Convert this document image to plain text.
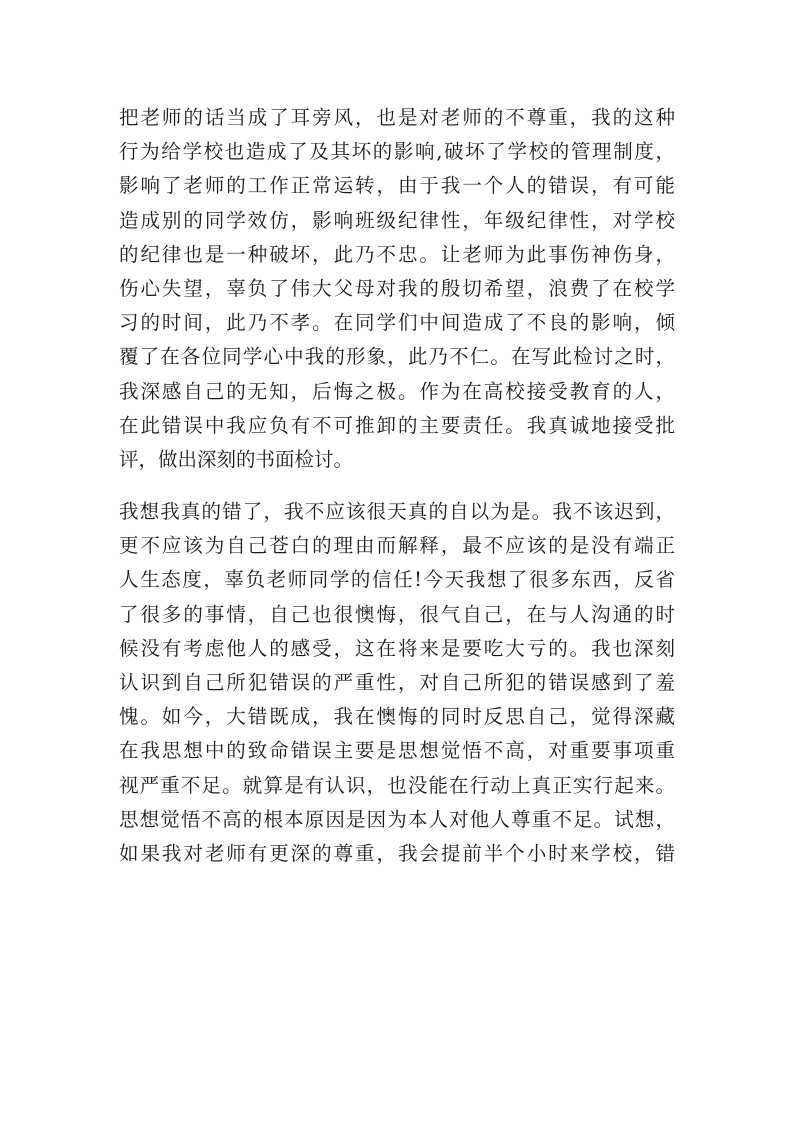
把老师的话当成了耳旁风，也是对老师的不尊重，我的这种
行为给学校也造成了及其坏的影响,破坏了学校的管理制度，
影响了老师的工作正常运转，由于我一个人的错误，有可能
造成别的同学效仿，影响班级纪律性，年级纪律性，对学校
的纪律也是一种破坏，此乃不忠。让老师为此事伤神伤身，
伤心失望，辜负了伟大父母对我的殷切希望，浪费了在校学
习的时间，此乃不孝。在同学们中间造成了不良的影响，倾
覆了在各位同学心中我的形象，此乃不仁。在写此检讨之时，
我深感自己的无知，后悔之极。作为在高校接受教育的人，
在此错误中我应负有不可推卸的主要责任。我真诚地接受批
评，做出深刻的书面检讨。
我想我真的错了，我不应该很天真的自以为是。我不该迟到，
更不应该为自己苍白的理由而解释，最不应该的是没有端正
人生态度，辜负老师同学的信任!今天我想了很多东西，反省
了很多的事情，自己也很懊悔，很气自己，在与人沟通的时
候没有考虑他人的感受，这在将来是要吃大亏的。我也深刻
认识到自己所犯错误的严重性，对自己所犯的错误感到了羞
愧。如今，大错既成，我在懊悔的同时反思自己，觉得深藏
在我思想中的致命错误主要是思想觉悟不高，对重要事项重
视严重不足。就算是有认识，也没能在行动上真正实行起来。
思想觉悟不高的根本原因是因为本人对他人尊重不足。试想，
如果我对老师有更深的尊重，我会提前半个小时来学校，错
